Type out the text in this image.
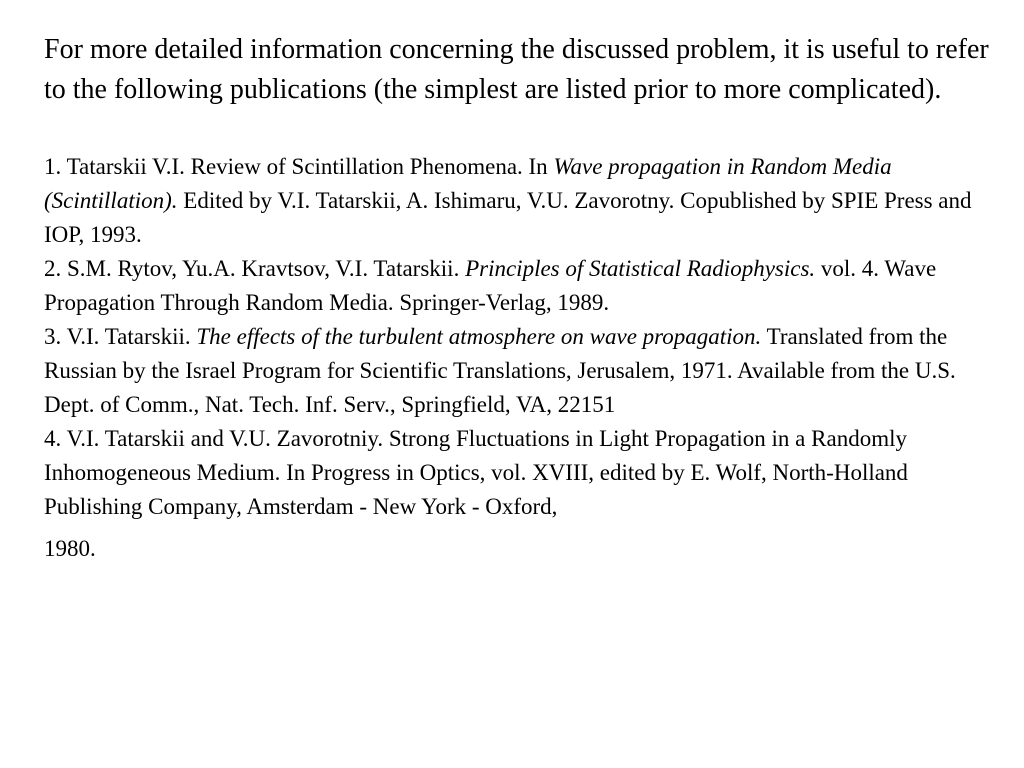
For more detailed information concerning the discussed problem, it is useful to refer to the following publications (the simplest are listed prior to more complicated).

1. Tatarskii V.I. Review of Scintillation Phenomena. In Wave propagation in Random Media (Scintillation). Edited by V.I. Tatarskii, A. Ishimaru, V.U. Zavorotny. Copublished by SPIE Press and IOP, 1993.

2. S.M. Rytov, Yu.A. Kravtsov, V.I. Tatarskii. Principles of Statistical Radiophysics. vol. 4. Wave Propagation Through Random Media. Springer-Verlag, 1989.

3. V.I. Tatarskii. The effects of the turbulent atmosphere on wave propagation. Translated from the Russian by the Israel Program for Scientific Translations, Jerusalem, 1971. Available from the U.S. Dept. of Comm., Nat. Tech. Inf. Serv., Springfield, VA, 22151

4. V.I. Tatarskii and V.U. Zavorotniy. Strong Fluctuations in Light Propagation in a Randomly Inhomogeneous Medium. In Progress in Optics, vol. XVIII, edited by E. Wolf, North-Holland Publishing Company, Amsterdam - New York - Oxford,
1980.
